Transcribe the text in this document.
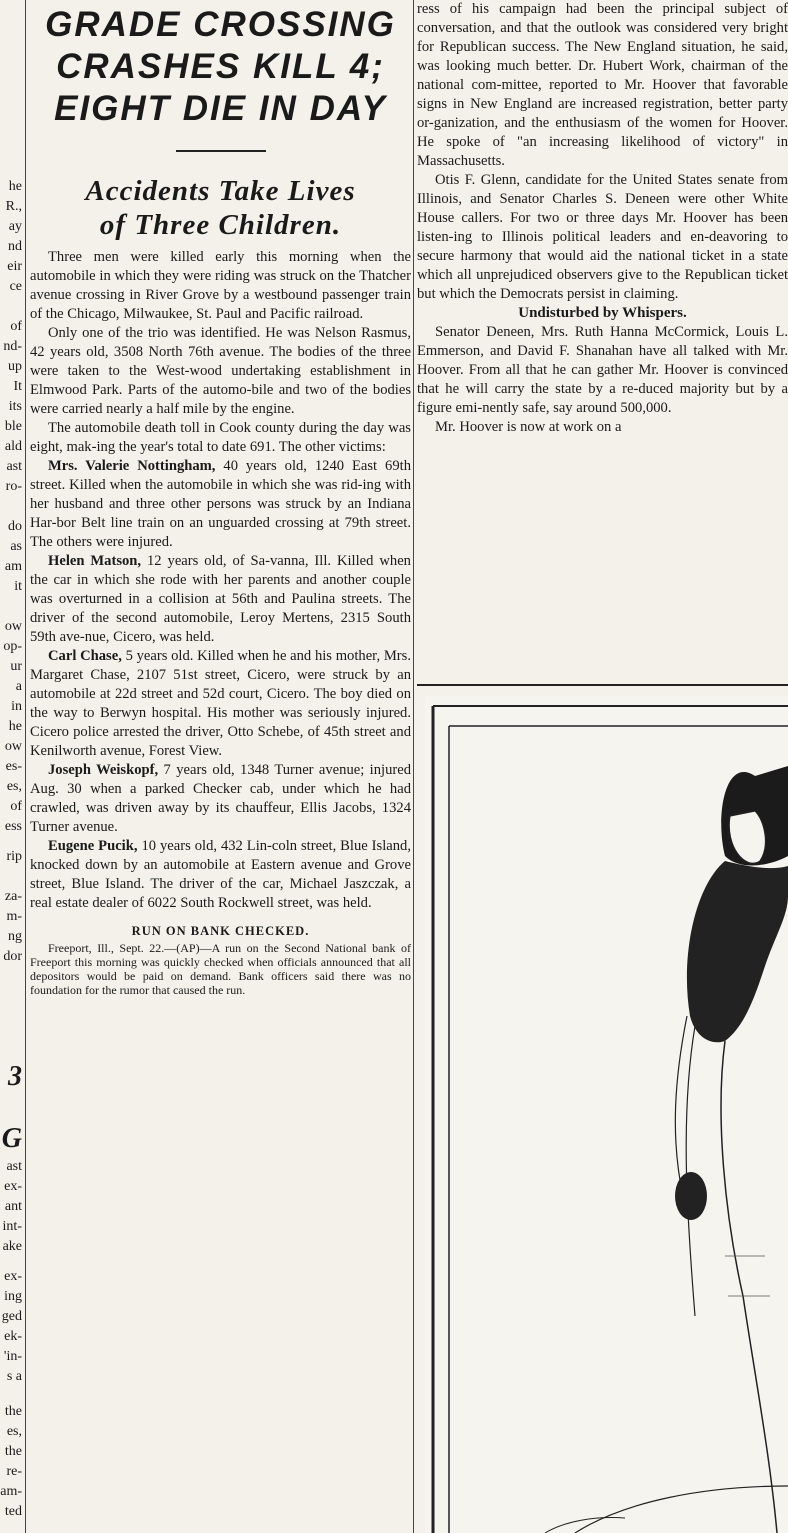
he
R.,
ay
nd
eir
ce
of
nd-
up
It
its
ble
ald
ast
ro-
do
as
am
it
ow
op-
ur
a
in
he
ow
es-
es,
of
ess
rip
za-
m-
ng
dor
3
G
ast
ex-
ant
int-
ake
ex-
ing
ged
ek-
'in-
s a
the
es,
the
re-
am-
ted
GRADE CROSSING
CRASHES KILL 4;
EIGHT DIE IN DAY
Accidents Take Lives
of Three Children.

Three men were killed early this morning when the automobile in which they were riding was struck on the Thatcher avenue crossing in River Grove by a westbound passenger train of the Chicago, Milwaukee, St. Paul and Pacific railroad.

Only one of the trio was identified. He was Nelson Rasmus, 42 years old, 3508 North 76th avenue. The bodies of the three were taken to the West-wood undertaking establishment in Elmwood Park. Parts of the automo-bile and two of the bodies were carried nearly a half mile by the engine.

The automobile death toll in Cook county during the day was eight, mak-ing the year's total to date 691. The other victims:

Mrs. Valerie Nottingham, 40 years old, 1240 East 69th street. Killed when the automobile in which she was rid-ing with her husband and three other persons was struck by an Indiana Har-bor Belt line train on an unguarded crossing at 79th street. The others were injured.

Helen Matson, 12 years old, of Sa-vanna, Ill. Killed when the car in which she rode with her parents and another couple was overturned in a collision at 56th and Paulina streets. The driver of the second automobile, Leroy Mertens, 2315 South 59th ave-nue, Cicero, was held.

Carl Chase, 5 years old. Killed when he and his mother, Mrs. Margaret Chase, 2107 51st street, Cicero, were struck by an automobile at 22d street and 52d court, Cicero. The boy died on the way to Berwyn hospital. His mother was seriously injured. Cicero police arrested the driver, Otto Schebe, of 45th street and Kenilworth avenue, Forest View.

Joseph Weiskopf, 7 years old, 1348 Turner avenue; injured Aug. 30 when a parked Checker cab, under which he had crawled, was driven away by its chauffeur, Ellis Jacobs, 1324 Turner avenue.

Eugene Pucik, 10 years old, 432 Lin-coln street, Blue Island, knocked down by an automobile at Eastern avenue and Grove street, Blue Island. The driver of the car, Michael Jaszczak, a real estate dealer of 6022 South Rockwell street, was held.

RUN ON BANK CHECKED.

Freeport, Ill., Sept. 22.—(AP)—A run on the Second National bank of Freeport this morning was quickly checked when officials announced that all depositors would be paid on demand. Bank officers said there was no foundation for the rumor that caused the run.

ress of his campaign had been the principal subject of conversation, and that the outlook was considered very bright for Republican success. The New England situation, he said, was looking much better. Dr. Hubert Work, chairman of the national com-mittee, reported to Mr. Hoover that favorable signs in New England are increased registration, better party or-ganization, and the enthusiasm of the women for Hoover. He spoke of "an increasing likelihood of victory" in Massachusetts.

Otis F. Glenn, candidate for the United States senate from Illinois, and Senator Charles S. Deneen were other White House callers. For two or three days Mr. Hoover has been listen-ing to Illinois political leaders and en-deavoring to secure harmony that would aid the national ticket in a state which all unprejudiced observers give to the Republican ticket but which the Democrats persist in claiming.

Undisturbed by Whispers.

Senator Deneen, Mrs. Ruth Hanna McCormick, Louis L. Emmerson, and David F. Shanahan have all talked with Mr. Hoover. From all that he can gather Mr. Hoover is convinced that he will carry the state by a re-duced majority but by a figure emi-nently safe, say around 500,000.

Mr. Hoover is now at work on a
